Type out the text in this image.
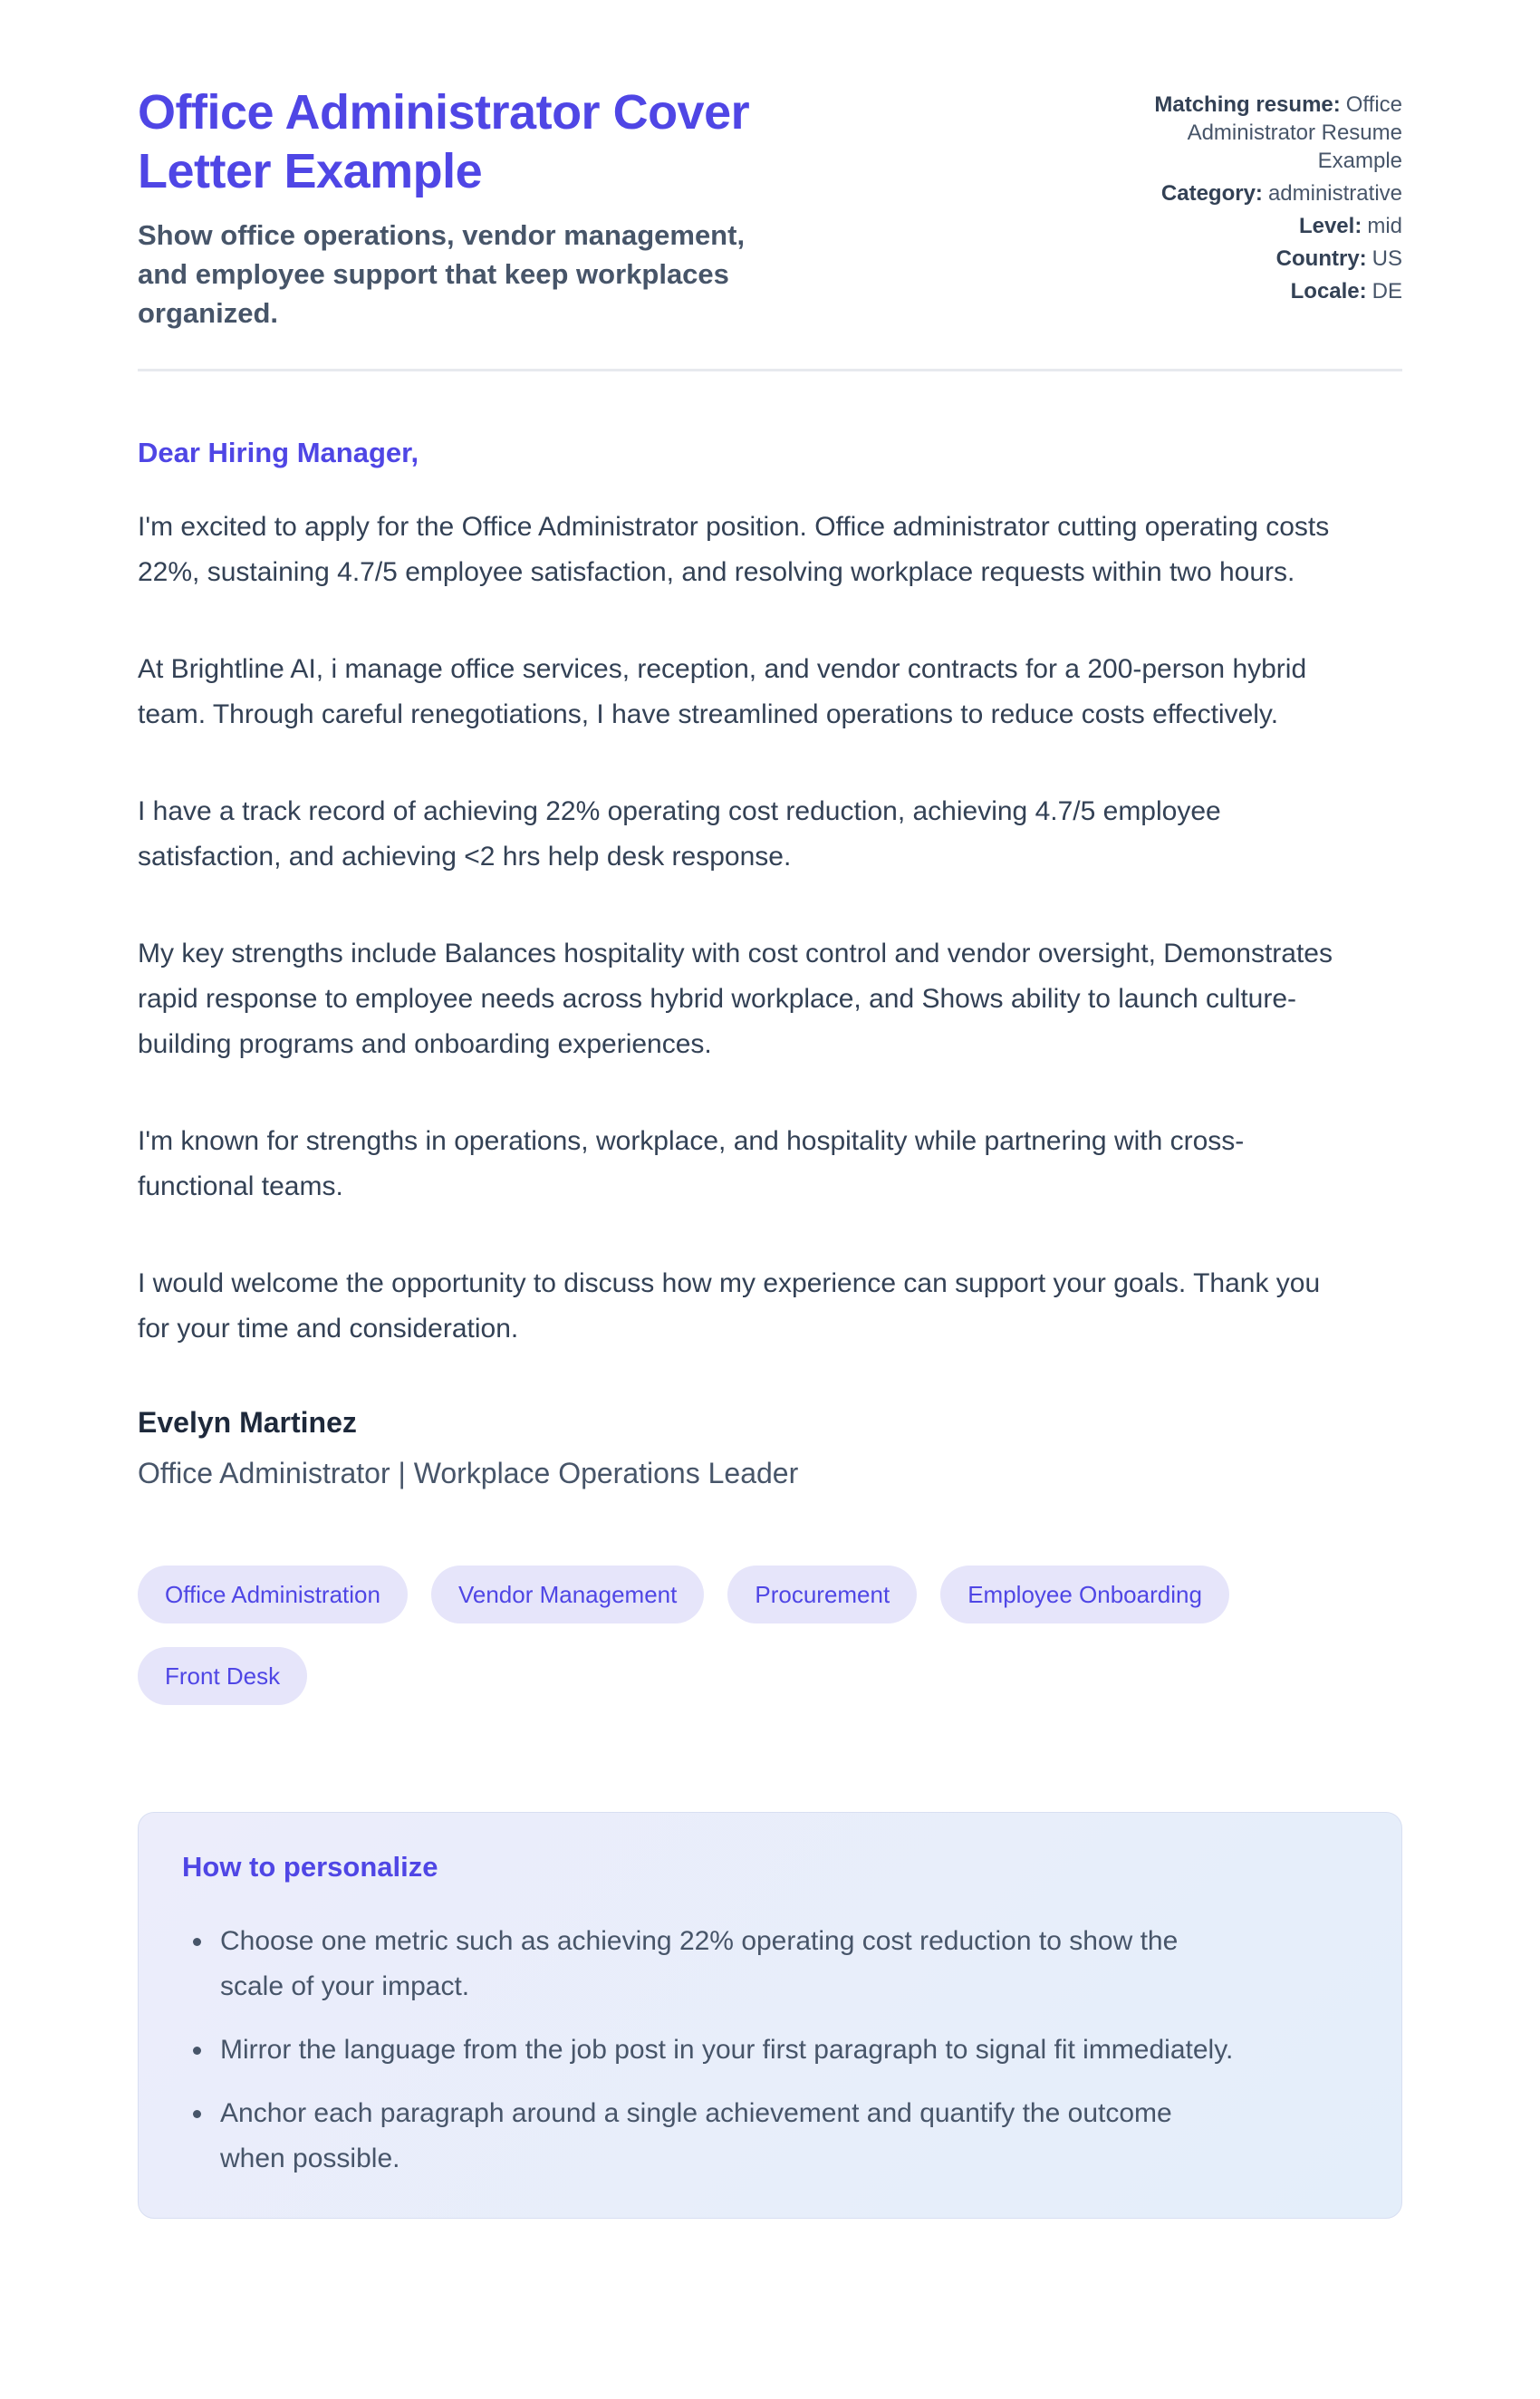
Office Administrator Cover Letter Example

Show office operations, vendor management, and employee support that keep workplaces organized.

Matching resume: Office Administrator Resume Example
Category: administrative
Level: mid
Country: US
Locale: DE

Dear Hiring Manager,

I'm excited to apply for the Office Administrator position. Office administrator cutting operating costs 22%, sustaining 4.7/5 employee satisfaction, and resolving workplace requests within two hours.

At Brightline AI, i manage office services, reception, and vendor contracts for a 200-person hybrid team. Through careful renegotiations, I have streamlined operations to reduce costs effectively.

I have a track record of achieving 22% operating cost reduction, achieving 4.7/5 employee satisfaction, and achieving <2 hrs help desk response.

My key strengths include Balances hospitality with cost control and vendor oversight, Demonstrates rapid response to employee needs across hybrid workplace, and Shows ability to launch culture-building programs and onboarding experiences.

I'm known for strengths in operations, workplace, and hospitality while partnering with cross-functional teams.

I would welcome the opportunity to discuss how my experience can support your goals. Thank you for your time and consideration.

Evelyn Martinez

Office Administrator | Workplace Operations Leader

Office Administration	Vendor Management	Procurement	Employee Onboarding
Front Desk
How to personalize
• Choose one metric such as achieving 22% operating cost reduction to show the scale of your impact.
• Mirror the language from the job post in your first paragraph to signal fit immediately.
• Anchor each paragraph around a single achievement and quantify the outcome when possible.
